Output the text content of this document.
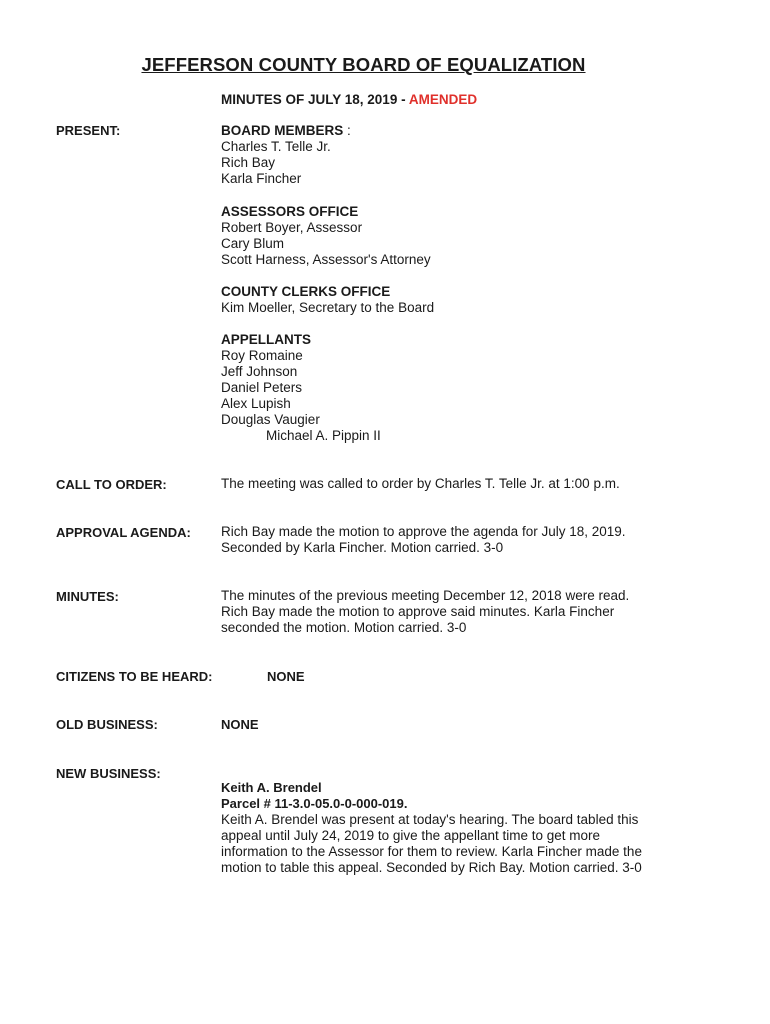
JEFFERSON COUNTY BOARD OF EQUALIZATION
MINUTES OF JULY 18, 2019 - AMENDED
PRESENT:	BOARD MEMBERS :
Charles T. Telle Jr.
Rich Bay
Karla Fincher
ASSESSORS OFFICE
Robert Boyer, Assessor
Cary Blum
Scott Harness, Assessor's Attorney
COUNTY CLERKS OFFICE
Kim Moeller, Secretary to the Board
APPELLANTS
Roy Romaine
Jeff Johnson
Daniel Peters
Alex Lupish
Douglas Vaugier
Michael A. Pippin II
CALL TO ORDER:	The meeting was called to order by Charles T. Telle Jr. at 1:00 p.m.
APPROVAL AGENDA: Rich Bay made the motion to approve the agenda for July 18, 2019.
Seconded by Karla Fincher. Motion carried. 3-0
MINUTES:	The minutes of the previous meeting December 12, 2018 were read.
Rich Bay made the motion to approve said minutes. Karla Fincher
seconded the motion. Motion carried. 3-0
CITIZENS TO BE HEARD:	NONE
OLD BUSINESS:	NONE
NEW BUSINESS:
Keith A. Brendel
Parcel # 11-3.0-05.0-0-000-019.
Keith A. Brendel was present at today's hearing. The board tabled this
appeal until July 24, 2019 to give the appellant time to get more
information to the Assessor for them to review. Karla Fincher made the
motion to table this appeal. Seconded by Rich Bay. Motion carried. 3-0
